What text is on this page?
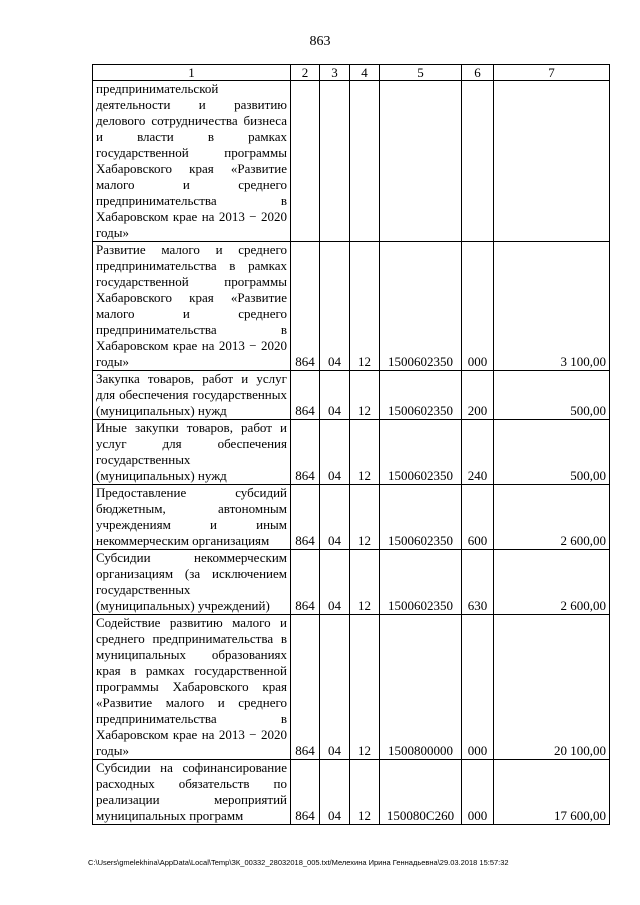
863
1	2	3	4	5	6	7
предпринимательской деятельности и развитию делового сотрудничества бизнеса и власти в рамках государственной программы Хабаровского края «Развитие малого и среднего предпринимательства в Хабаровском крае на 2013 − 2020 годы»						
Развитие малого и среднего предпринимательства в рамках государственной программы Хабаровского края «Развитие малого и среднего предпринимательства в Хабаровском крае на 2013 − 2020 годы»	864	04	12	1500602350	000	3 100,00
Закупка товаров, работ и услуг для обеспечения государственных (муниципальных) нужд	864	04	12	1500602350	200	500,00
Иные закупки товаров, работ и услуг для обеспечения государственных (муниципальных) нужд	864	04	12	1500602350	240	500,00
Предоставление субсидий бюджетным, автономным учреждениям и иным некоммерческим организациям	864	04	12	1500602350	600	2 600,00
Субсидии некоммерческим организациям (за исключением государственных (муниципальных) учреждений)	864	04	12	1500602350	630	2 600,00
Содействие развитию малого и среднего предпринимательства в муниципальных образованиях края в рамках государственной программы Хабаровского края «Развитие малого и среднего предпринимательства в Хабаровском крае на 2013 − 2020 годы»	864	04	12	1500800000	000	20 100,00
Субсидии на софинансирование расходных обязательств по реализации мероприятий муниципальных программ	864	04	12	150080С260	000	17 600,00
C:\Users\gmelekhina\AppData\Local\Temp\ЗК_00332_28032018_005.txt/Мелехина Ирина Геннадьевна\29.03.2018 15:57:32
